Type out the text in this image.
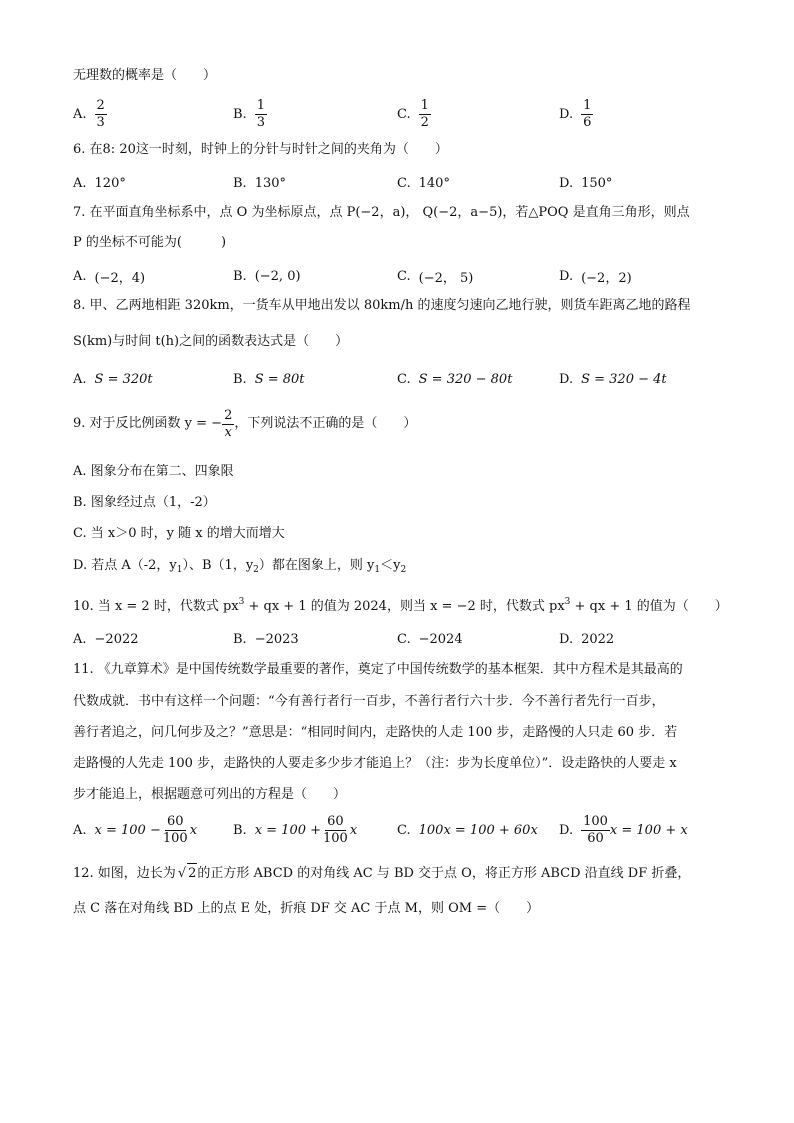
无理数的概率是（　　）
A. $\frac{2}{3}$	B. $\frac{1}{3}$	C. $\frac{1}{2}$	D. $\frac{1}{6}$
6. 在8: 20这一时刻，时钟上的分针与时针之间的夹角为（　　）
A. 120°	B. 130°	C. 140°	D. 150°
7. 在平面直角坐标系中，点 O 为坐标原点，点 P(−2，a)， Q(−2，a−5)，若△POQ 是直角三角形，则点
P 的坐标不可能为(　　　)
A. (−2，4)	B. (−2, 0)	C. (−2， 5)	D. (−2，2)
8. 甲、乙两地相距 320km，一货车从甲地出发以 80km/h 的速度匀速向乙地行驶，则货车距离乙地的路程
S(km)与时间 t(h)之间的函数表达式是（　　）
A. S = 320t	B. S = 80t	C. S = 320 − 80t	D. S = 320 − 4t
9. 对于反比例函数 y = − $\frac{2}{x}$ ，下列说法不正确的是（　　）
A. 图象分布在第二、四象限
B. 图象经过点（1，-2）
C. 当 x＞0 时，y 随 x 的增大而增大
D. 若点 A（-2，$y_1$）、B（1，$y_2$）都在图象上，则 $y_1<y_2$
10. 当 x = 2 时，代数式 $px^3$ + qx + 1 的值为 2024，则当 x = −2 时，代数式 $px^3$ + qx + 1 的值为（　　）
A. −2022	B. −2023	C. −2024	D. 2022
11. 《九章算术》是中国传统数学最重要的著作，奠定了中国传统数学的基本框架．其中方程术是其最高的
代数成就．书中有这样一个问题：“今有善行者行一百步，不善行者行六十步．今不善行者先行一百步，
善行者追之，问几何步及之？”意思是：“相同时间内，走路快的人走 100 步，走路慢的人只走 60 步．若
走路慢的人先走 100 步，走路快的人要走多少步才能追上？（注：步为长度单位）”．设走路快的人要走 x
步才能追上，根据题意可列出的方程是（　　）
A. $x = 100 - \frac{60}{100}$ x	B. $x = 100 + \frac{60}{100}$ x	C. 100x = 100 + 60x D. $\frac{100}{60}$ x = 100 + x
12. 如图，边长为 √ 2的正方形 ABCD 的对角线 AC 与 BD 交于点 O，将正方形 ABCD 沿直线 DF 折叠，
点 C 落在对角线 BD 上的点 E 处，折痕 DF 交 AC 于点 M，则 OM =（　　）
